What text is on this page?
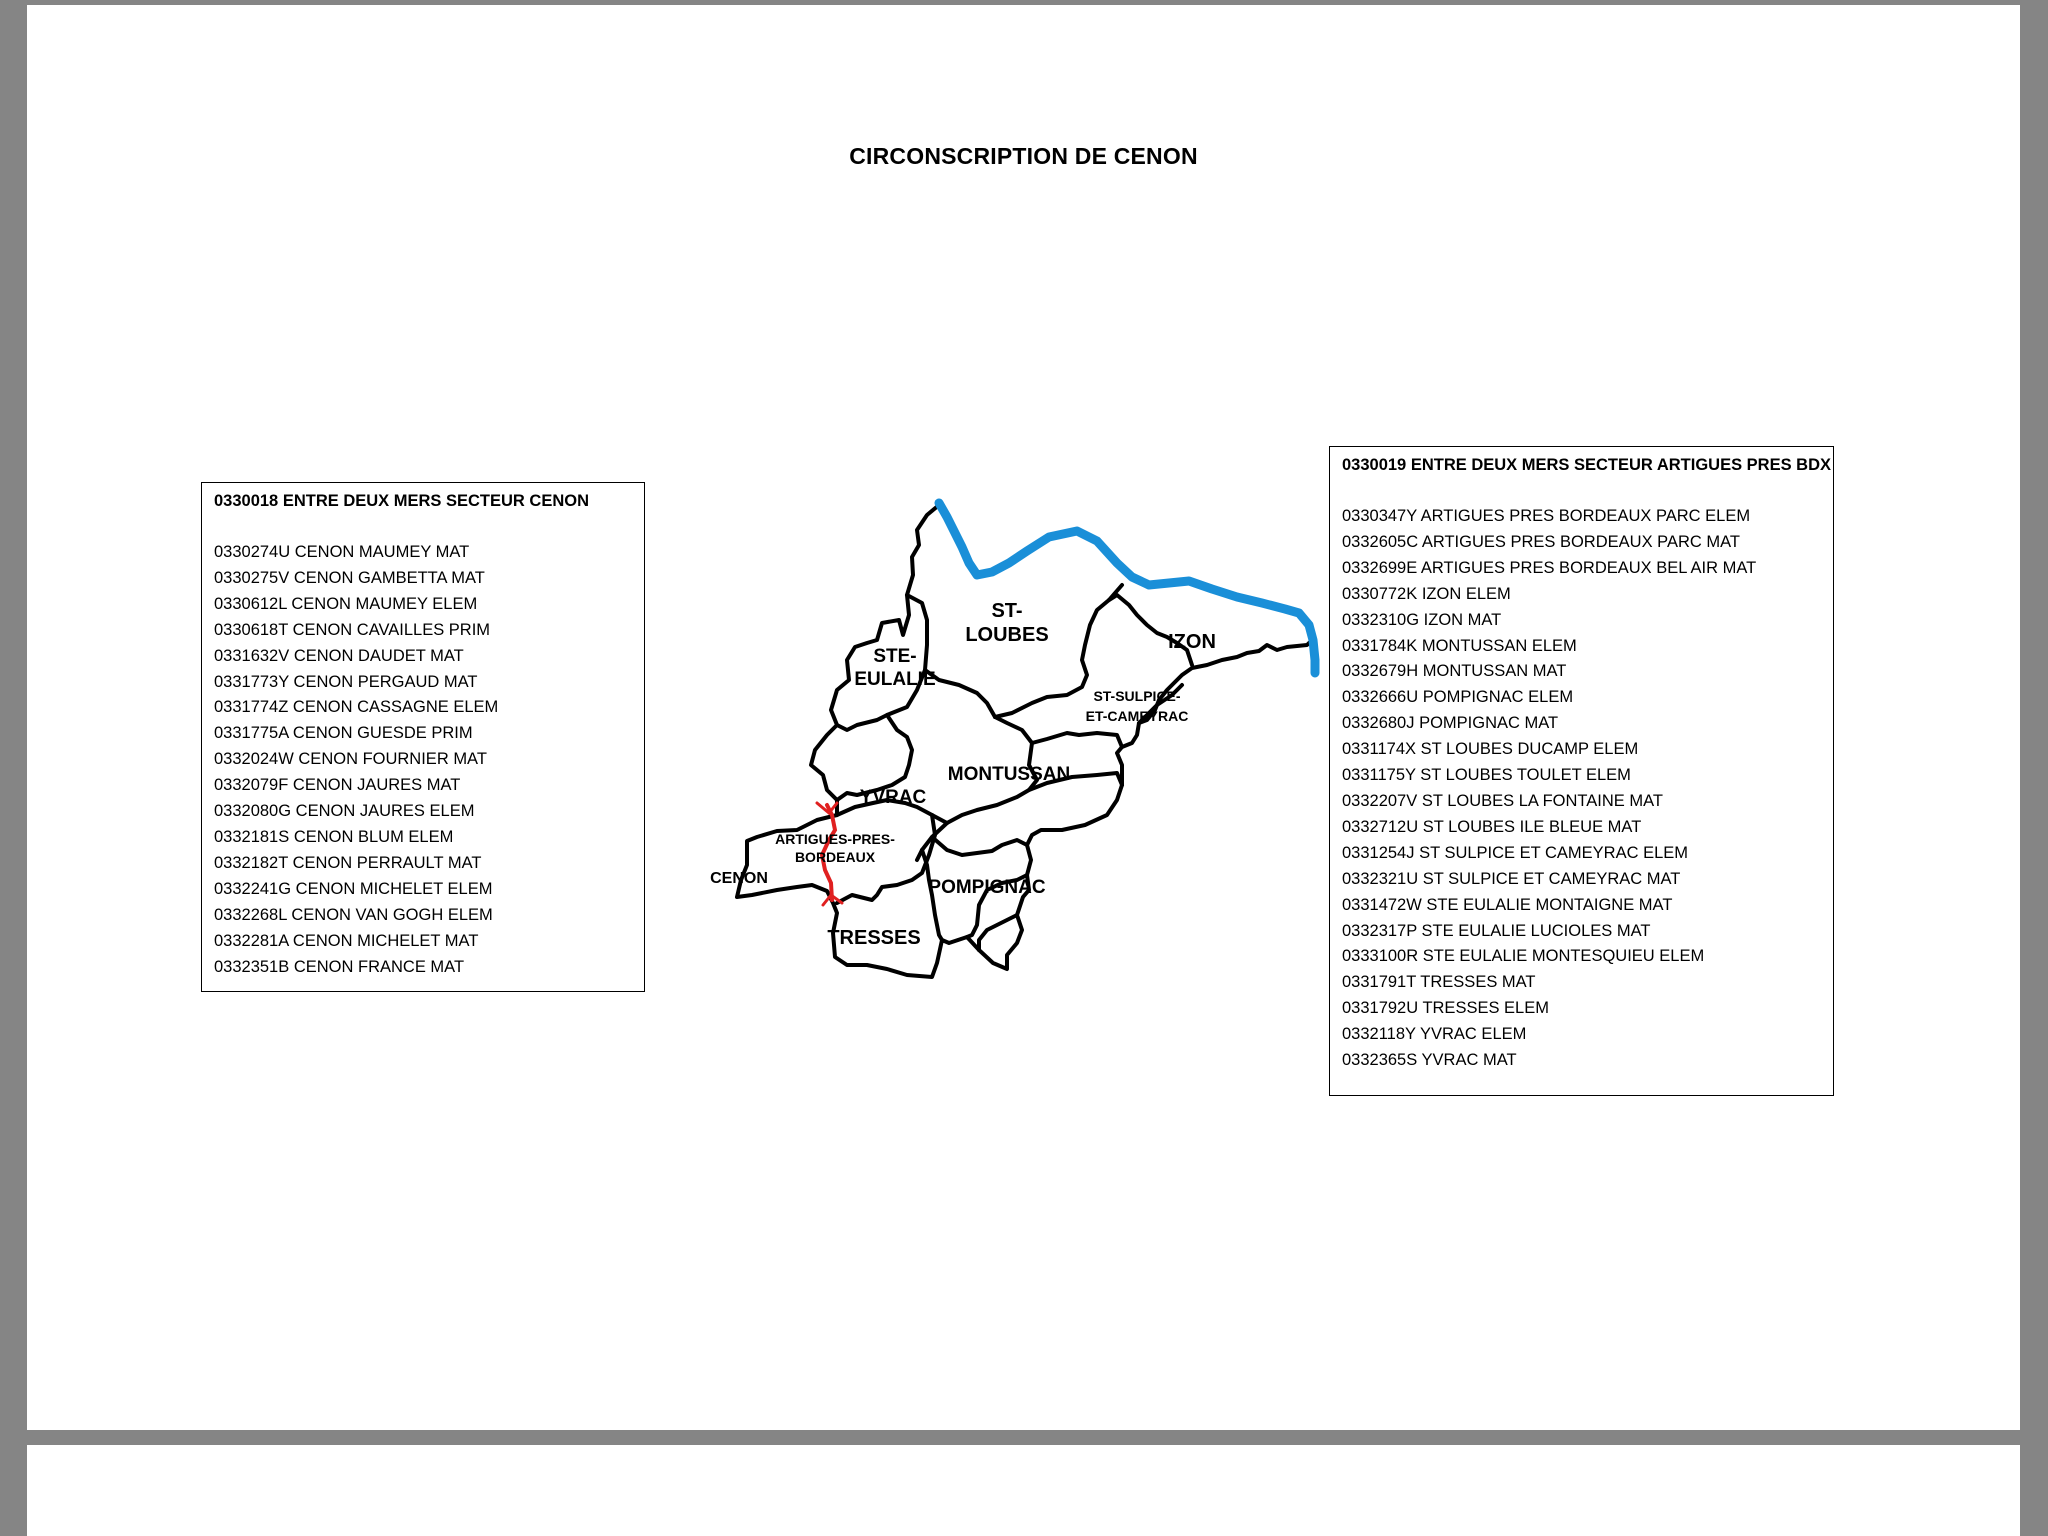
CIRCONSCRIPTION DE CENON
0330018 ENTRE DEUX MERS SECTEUR CENON
0330274U CENON MAUMEY MAT
0330275V CENON GAMBETTA MAT
0330612L CENON MAUMEY ELEM
0330618T CENON CAVAILLES PRIM
0331632V CENON DAUDET MAT
0331773Y CENON PERGAUD MAT
0331774Z CENON CASSAGNE ELEM
0331775A CENON GUESDE PRIM
0332024W CENON FOURNIER MAT
0332079F CENON JAURES MAT
0332080G CENON JAURES ELEM
0332181S CENON BLUM ELEM
0332182T CENON PERRAULT MAT
0332241G CENON MICHELET ELEM
0332268L CENON VAN GOGH ELEM
0332281A CENON MICHELET MAT
0332351B CENON FRANCE MAT
ST-
LOUBES	IZON
STE-
EULALIE
ST-SULPICE-
ET-CAMEYRAC
MONTUSSAN
YVRAC
ARTIGUES-PRES-
BORDEAUX
CENON	POMPIGNAC
TRESSES
0330019 ENTRE DEUX MERS SECTEUR ARTIGUES PRES BDX
0330347Y ARTIGUES PRES BORDEAUX PARC ELEM
0332605C ARTIGUES PRES BORDEAUX PARC MAT
0332699E ARTIGUES PRES BORDEAUX BEL AIR MAT
0330772K IZON ELEM
0332310G IZON MAT
0331784K MONTUSSAN ELEM
0332679H MONTUSSAN MAT
0332666U POMPIGNAC ELEM
0332680J POMPIGNAC MAT
0331174X ST LOUBES DUCAMP ELEM
0331175Y ST LOUBES TOULET ELEM
0332207V ST LOUBES LA FONTAINE MAT
0332712U ST LOUBES ILE BLEUE MAT
0331254J ST SULPICE ET CAMEYRAC ELEM
0332321U ST SULPICE ET CAMEYRAC MAT
0331472W STE EULALIE MONTAIGNE MAT
0332317P STE EULALIE LUCIOLES MAT
0333100R STE EULALIE MONTESQUIEU ELEM
0331791T TRESSES MAT
0331792U TRESSES ELEM
0332118Y YVRAC ELEM
0332365S YVRAC MAT
